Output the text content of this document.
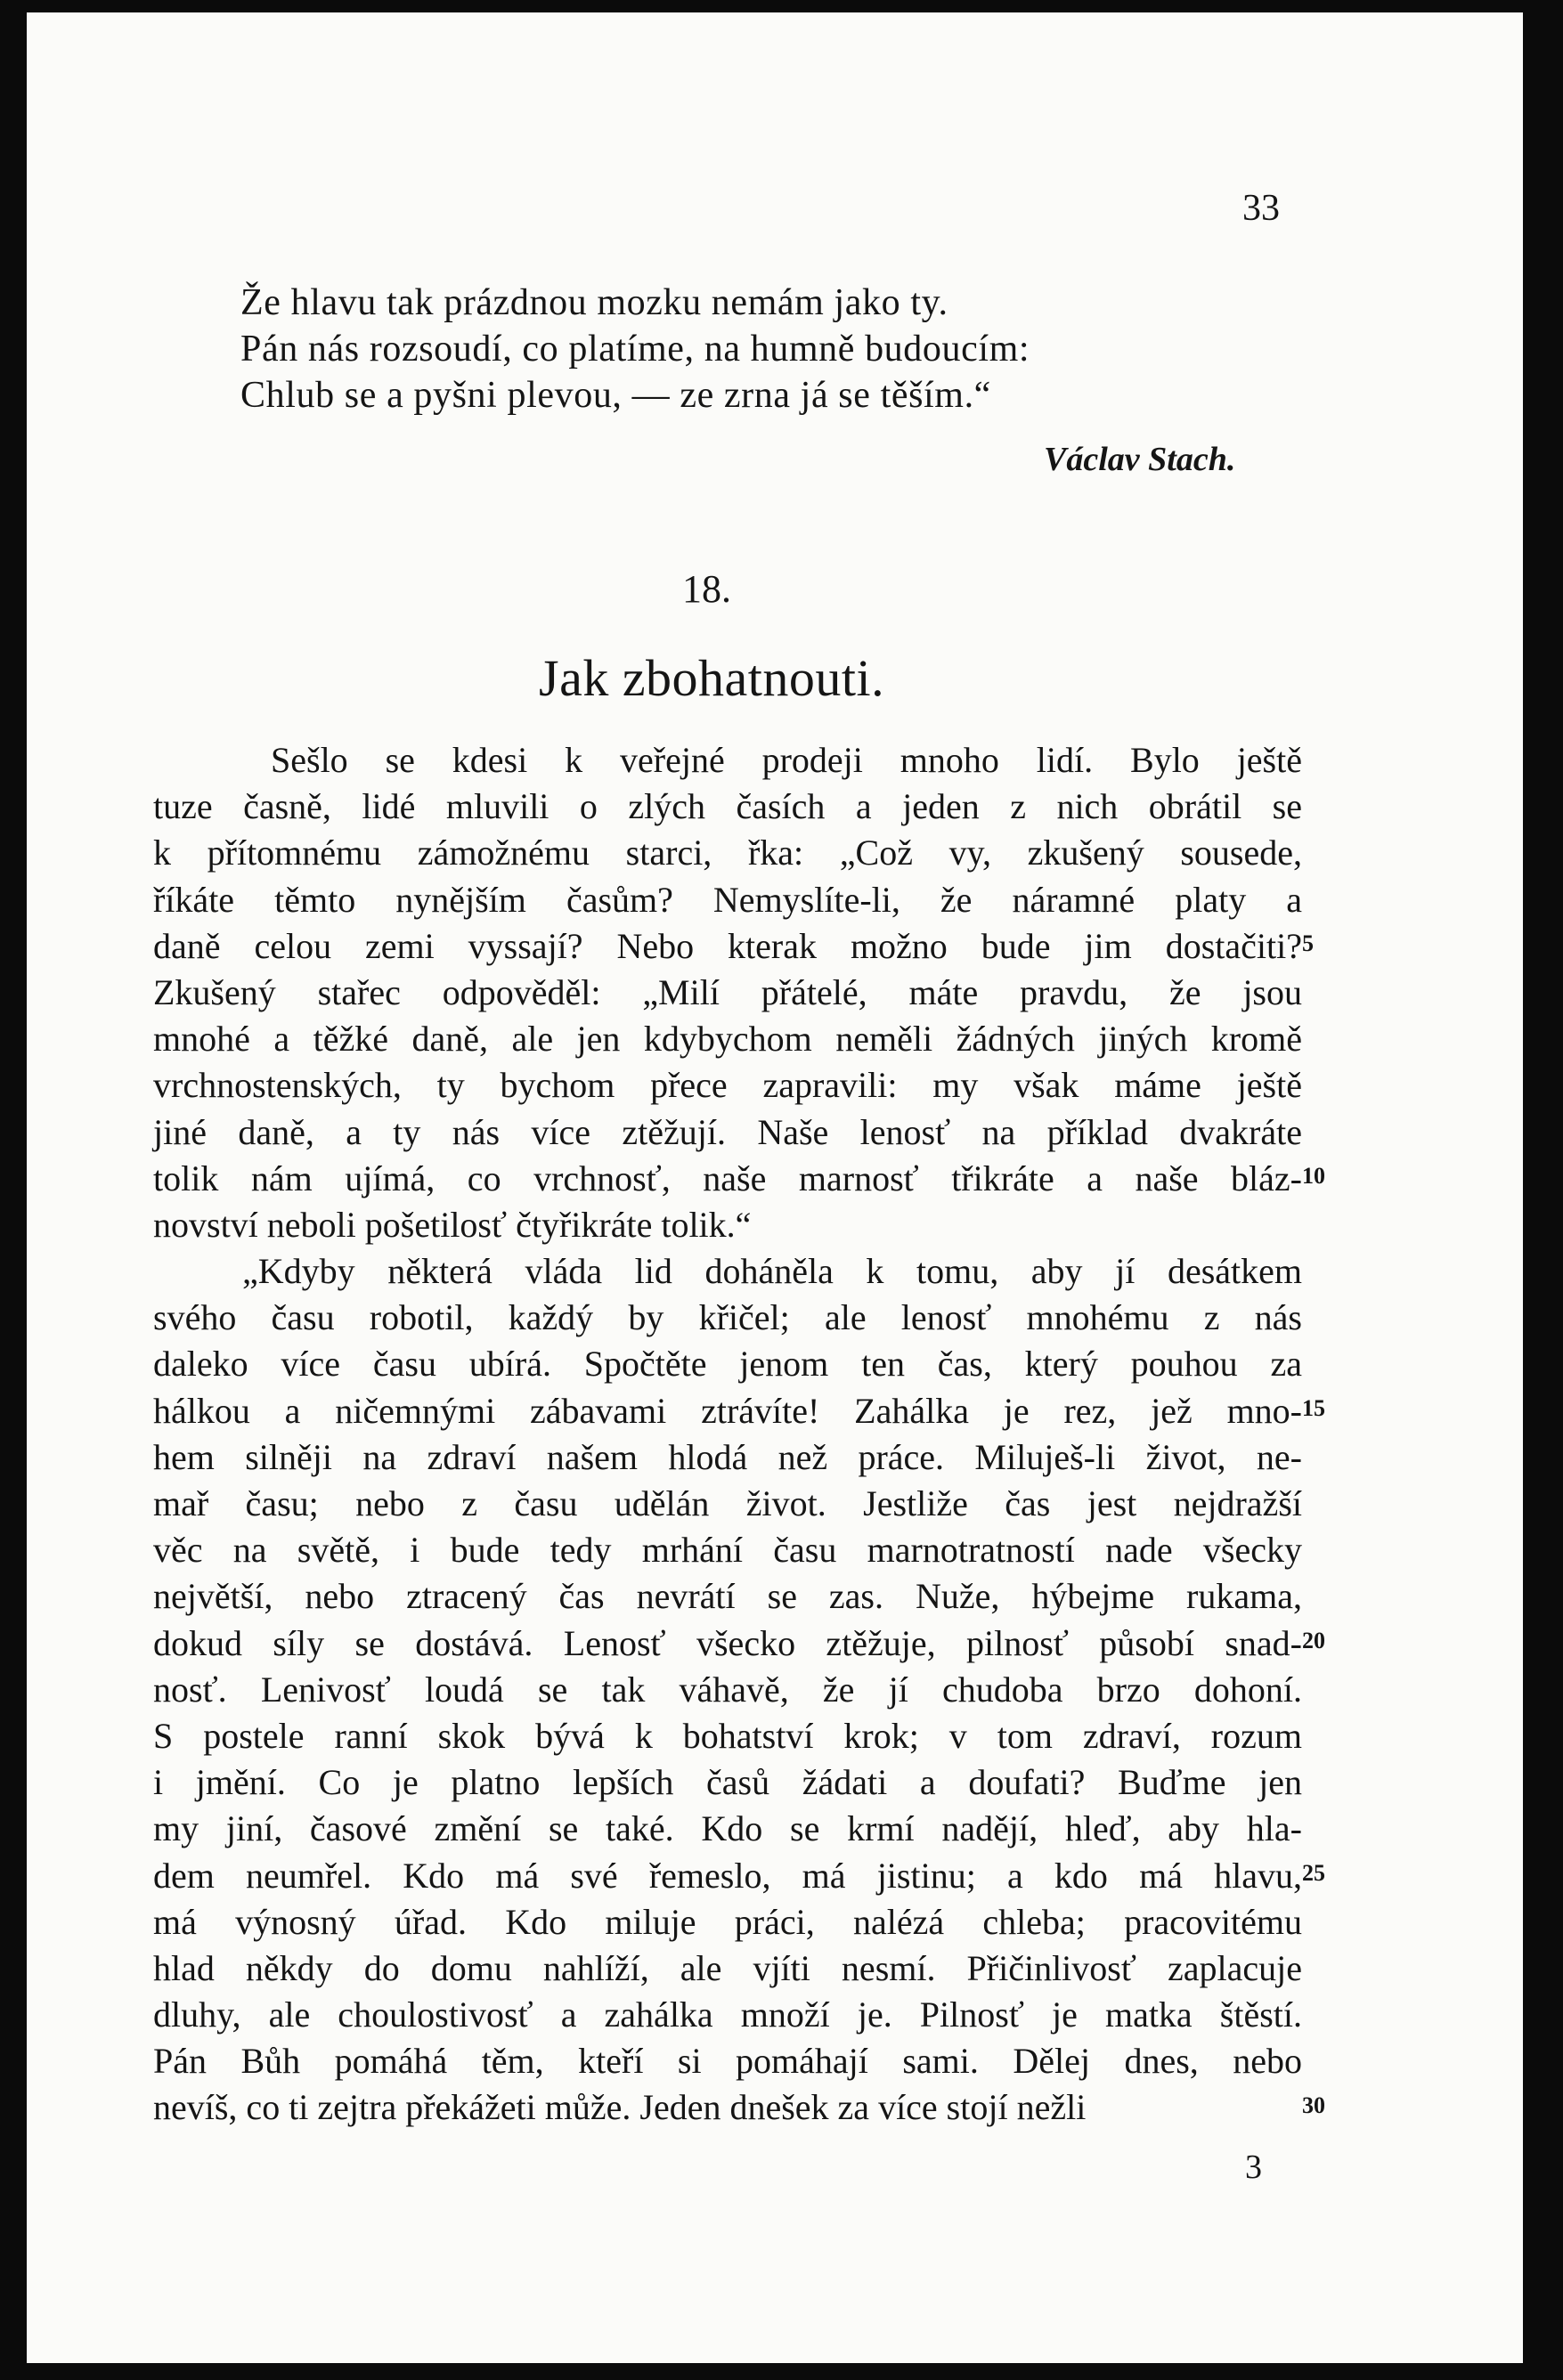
33
Že hlavu tak prázdnou mozku nemám jako ty.
Pán nás rozsoudí, co platíme, na humně budoucím:
Chlub se a pyšni plevou, — ze zrna já se těším.“
Václav Stach.
18.
Jak zbohatnouti.
Sešlo se kdesi k veřejné prodeji mnoho lidí. Bylo ještě
tuze časně, lidé mluvili o zlých časích a jeden z nich obrátil se
k přítomnému zámožnému starci, řka: „Což vy, zkušený sousede,
říkáte těmto nynějším časům? Nemyslíte-li, že náramné platy a
daně celou zemi vyssají? Nebo kterak možno bude jim dostačiti?
Zkušený stařec odpověděl: „Milí přátelé, máte pravdu, že jsou
mnohé a těžké daně, ale jen kdybychom neměli žádných jiných kromě
vrchnostenských, ty bychom přece zapravili: my však máme ještě
jiné daně, a ty nás více ztěžují. Naše lenosť na příklad dvakráte
tolik nám ujímá, co vrchnosť, naše marnosť třikráte a naše bláz-
novství neboli pošetilosť čtyřikráte tolik.“
„Kdyby některá vláda lid doháněla k tomu, aby jí desátkem
svého času robotil, každý by křičel; ale lenosť mnohému z nás
daleko více času ubírá. Spočtěte jenom ten čas, který pouhou za
hálkou a ničemnými zábavami ztrávíte! Zahálka je rez, jež mno-
hem silněji na zdraví našem hlodá než práce. Miluješ-li život, ne-
mař času; nebo z času udělán život. Jestliže čas jest nejdražší
věc na světě, i bude tedy mrhání času marnotratností nade všecky
největší, nebo ztracený čas nevrátí se zas. Nuže, hýbejme rukama,
dokud síly se dostává. Lenosť všecko ztěžuje, pilnosť působí snad-
nosť. Lenivosť loudá se tak váhavě, že jí chudoba brzo dohoní.
S postele ranní skok bývá k bohatství krok; v tom zdraví, rozum
i jmění. Co je platno lepších časů žádati a doufati? Buďme jen
my jiní, časové změní se také. Kdo se krmí nadějí, hleď, aby hla-
dem neumřel. Kdo má své řemeslo, má jistinu; a kdo má hlavu,
má výnosný úřad. Kdo miluje práci, nalézá chleba; pracovitému
hlad někdy do domu nahlíží, ale vjíti nesmí. Přičinlivosť zaplacuje
dluhy, ale choulostivosť a zahálka množí je. Pilnosť je matka štěstí.
Pán Bůh pomáhá těm, kteří si pomáhají sami. Dělej dnes, nebo
nevíš, co ti zejtra překážeti může. Jeden dnešek za více stojí nežli
5
10
15
20
25
30
3
